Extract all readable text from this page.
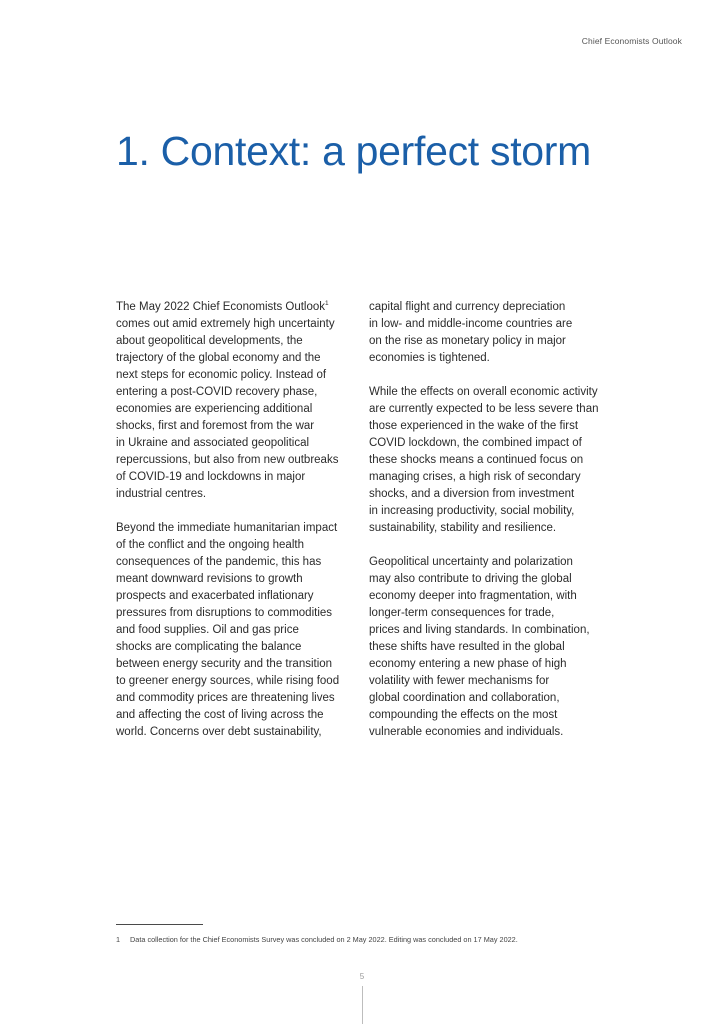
Chief Economists Outlook
1. Context: a perfect storm

The May 2022 Chief Economists Outlook$^1$
comes out amid extremely high uncertainty
about geopolitical developments, the
trajectory of the global economy and the
next steps for economic policy. Instead of
entering a post-COVID recovery phase,
economies are experiencing additional
shocks, first and foremost from the war
in Ukraine and associated geopolitical
repercussions, but also from new outbreaks
of COVID-19 and lockdowns in major
industrial centres.

Beyond the immediate humanitarian impact
of the conflict and the ongoing health
consequences of the pandemic, this has
meant downward revisions to growth
prospects and exacerbated inflationary
pressures from disruptions to commodities
and food supplies. Oil and gas price
shocks are complicating the balance
between energy security and the transition
to greener energy sources, while rising food
and commodity prices are threatening lives
and affecting the cost of living across the
world. Concerns over debt sustainability,

capital flight and currency depreciation
in low- and middle-income countries are
on the rise as monetary policy in major
economies is tightened.

While the effects on overall economic activity
are currently expected to be less severe than
those experienced in the wake of the first
COVID lockdown, the combined impact of
these shocks means a continued focus on
managing crises, a high risk of secondary
shocks, and a diversion from investment
in increasing productivity, social mobility,
sustainability, stability and resilience.

Geopolitical uncertainty and polarization
may also contribute to driving the global
economy deeper into fragmentation, with
longer-term consequences for trade,
prices and living standards. In combination,
these shifts have resulted in the global
economy entering a new phase of high
volatility with fewer mechanisms for
global coordination and collaboration,
compounding the effects on the most
vulnerable economies and individuals.

1 Data collection for the Chief Economists Survey was concluded on 2 May 2022. Editing was concluded on 17 May 2022.
5
